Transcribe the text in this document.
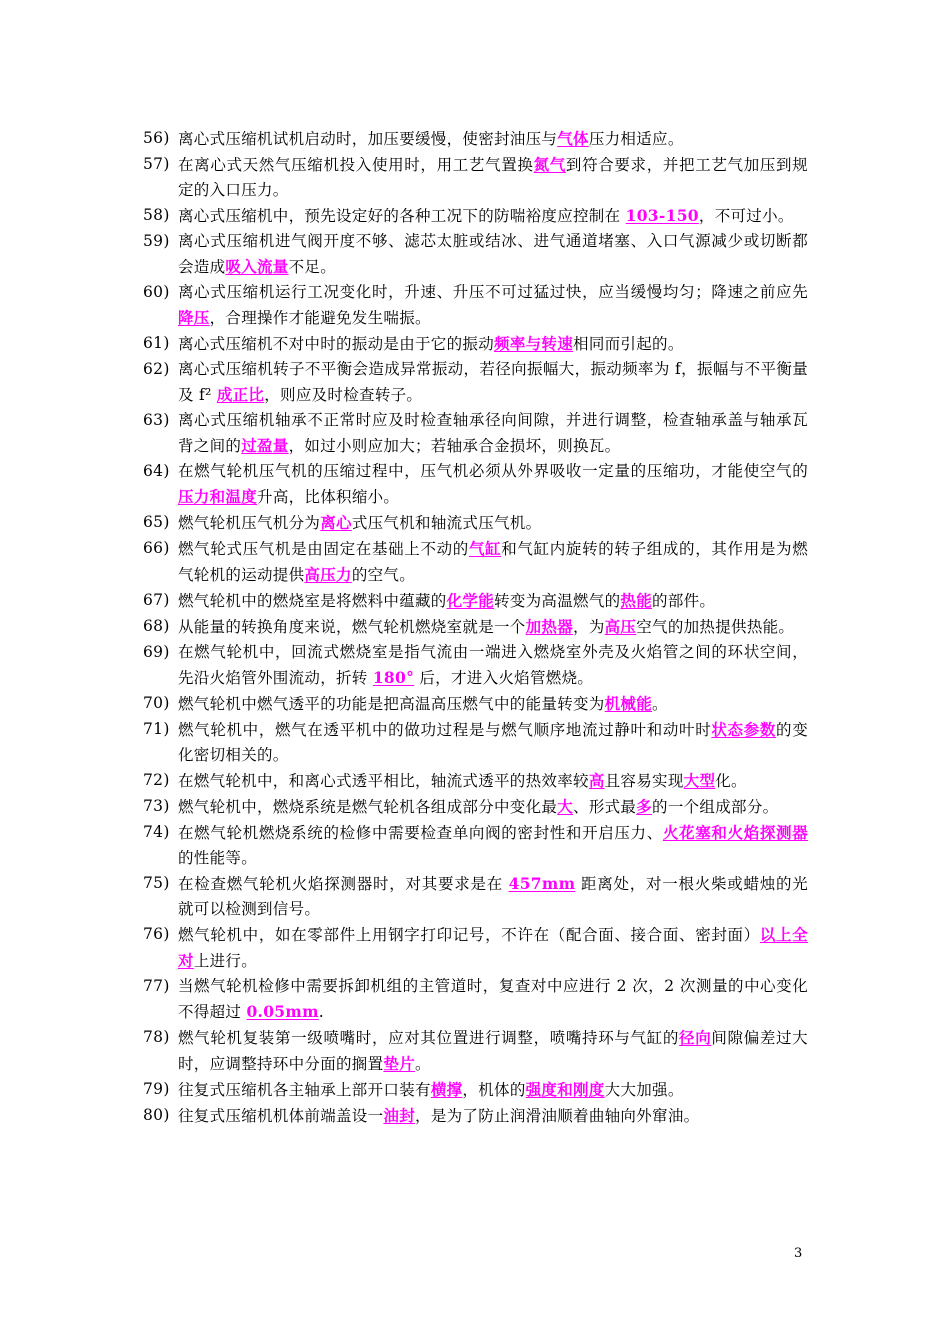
56) 离心式压缩机试机启动时，加压要缓慢，使密封油压与气体压力相适应。
57) 在离心式天然气压缩机投入使用时，用工艺气置换氮气到符合要求，并把工艺气加压到规定的入口压力。
58) 离心式压缩机中，预先设定好的各种工况下的防喘裕度应控制在 103-150，不可过小。
59) 离心式压缩机进气阀开度不够、滤芯太脏或结冰、进气通道堵塞、入口气源减少或切断都会造成吸入流量不足。
60) 离心式压缩机运行工况变化时，升速、升压不可过猛过快，应当缓慢均匀；降速之前应先降压，合理操作才能避免发生喘振。
61) 离心式压缩机不对中时的振动是由于它的振动频率与转速相同而引起的。
62) 离心式压缩机转子不平衡会造成异常振动，若径向振幅大，振动频率为 f，振幅与不平衡量及 f² 成正比，则应及时检查转子。
63) 离心式压缩机轴承不正常时应及时检查轴承径向间隙，并进行调整，检查轴承盖与轴承瓦背之间的过盈量，如过小则应加大；若轴承合金损坏，则换瓦。
64) 在燃气轮机压气机的压缩过程中，压气机必须从外界吸收一定量的压缩功，才能使空气的压力和温度升高，比体积缩小。
65) 燃气轮机压气机分为离心式压气机和轴流式压气机。
66) 燃气轮式压气机是由固定在基础上不动的气缸和气缸内旋转的转子组成的，其作用是为燃气轮机的运动提供高压力的空气。
67) 燃气轮机中的燃烧室是将燃料中蕴藏的化学能转变为高温燃气的热能的部件。
68) 从能量的转换角度来说，燃气轮机燃烧室就是一个加热器，为高压空气的加热提供热能。
69) 在燃气轮机中，回流式燃烧室是指气流由一端进入燃烧室外壳及火焰管之间的环状空间，先沿火焰管外围流动，折转 180° 后，才进入火焰管燃烧。
70) 燃气轮机中燃气透平的功能是把高温高压燃气中的能量转变为机械能。
71) 燃气轮机中，燃气在透平机中的做功过程是与燃气顺序地流过静叶和动叶时状态参数的变化密切相关的。
72) 在燃气轮机中，和离心式透平相比，轴流式透平的热效率较高且容易实现大型化。
73) 燃气轮机中，燃烧系统是燃气轮机各组成部分中变化最大、形式最多的一个组成部分。
74) 在燃气轮机燃烧系统的检修中需要检查单向阀的密封性和开启压力、火花塞和火焰探测器的性能等。
75) 在检查燃气轮机火焰探测器时，对其要求是在 457mm 距离处，对一根火柴或蜡烛的光就可以检测到信号。
76) 燃气轮机中，如在零部件上用钢字打印记号，不许在（配合面、接合面、密封面）以上全对上进行。
77) 当燃气轮机检修中需要拆卸机组的主管道时，复查对中应进行 2 次，2 次测量的中心变化不得超过 0.05mm.
78) 燃气轮机复装第一级喷嘴时，应对其位置进行调整，喷嘴持环与气缸的径向间隙偏差过大时，应调整持环中分面的搁置垫片。
79) 往复式压缩机各主轴承上部开口装有横撑，机体的强度和刚度大大加强。
80) 往复式压缩机机体前端盖设一油封，是为了防止润滑油顺着曲轴向外窜油。
3
